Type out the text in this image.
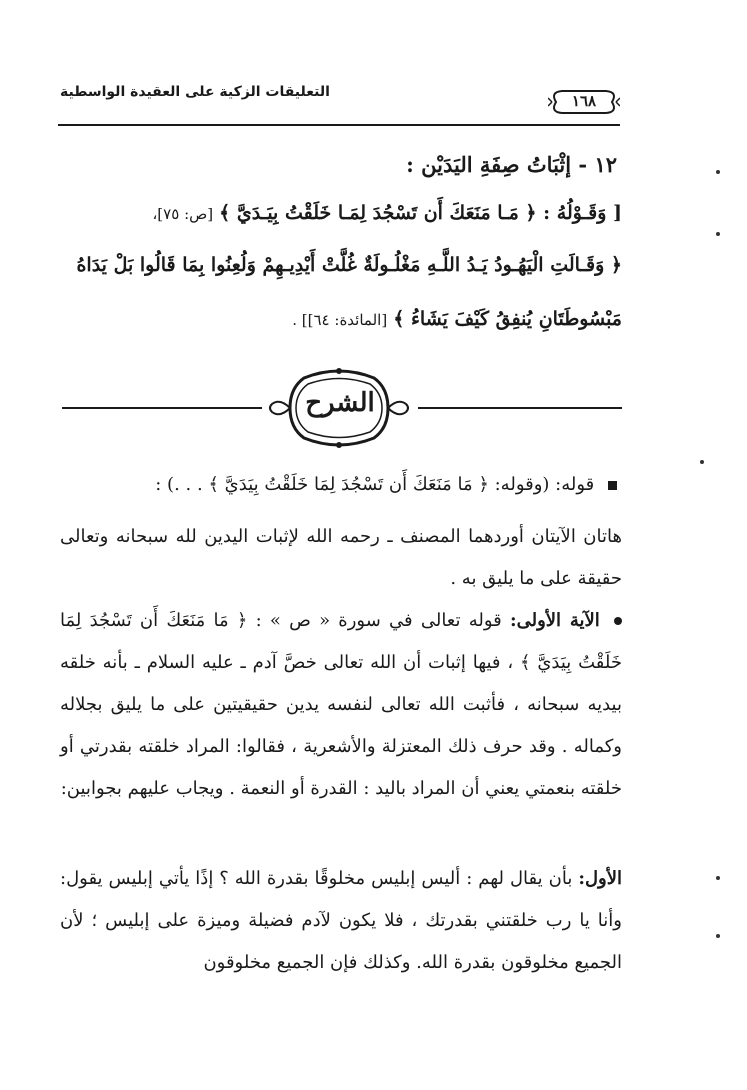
التعليقات الزكية على العقيدة الواسطية	١٦٨
١٢ - إثْبَاتُ صِفَةِ اليَدَيْن :
[ وَقَـوْلُهُ : ﴿ مَـا مَنَعَكَ أَن تَسْجُدَ لِمَـا خَلَقْتُ بِيَـدَيَّ ﴾ [ص: ٧٥]،
﴿ وَقَـالَتِ الْيَهُـودُ يَـدُ اللَّـهِ مَغْلُـولَةٌ غُلَّتْ أَيْدِيـهِمْ وَلُعِنُوا بِمَا قَالُوا بَلْ يَدَاهُ
مَبْسُوطَتَانِ يُنفِقُ كَيْفَ يَشَاءُ ﴾ [المائدة: ٦٤]] .
الشرح
قوله: (وقوله: ﴿ مَا مَنَعَكَ أَن تَسْجُدَ لِمَا خَلَقْتُ بِيَدَيَّ ﴾ . . .) :
هاتان الآيتان أوردهما المصنف ـ رحمه الله لإثبات اليدين لله سبحانه وتعالى حقيقة على ما يليق به .
الآية الأولى: قوله تعالى في سورة « ص » : ﴿ مَا مَنَعَكَ أَن تَسْجُدَ لِمَا خَلَقْتُ بِيَدَيَّ ﴾ ، فيها إثبات أن الله تعالى خصَّ آدم ـ عليه السلام ـ بأنه خلقه بيديه سبحانه ، فأثبت الله تعالى لنفسه يدين حقيقيتين على ما يليق بجلاله وكماله . وقد حرف ذلك المعتزلة والأشعرية ، فقالوا: المراد خلقته بقدرتي أو خلقته بنعمتي يعني أن المراد باليد : القدرة أو النعمة . ويجاب عليهم بجوابين:
الأول: بأن يقال لهم : أليس إبليس مخلوقًا بقدرة الله ؟ إذًا يأتي إبليس يقول: وأنا يا رب خلقتني بقدرتك ، فلا يكون لآدم فضيلة وميزة على إبليس ؛ لأن الجميع مخلوقون بقدرة الله. وكذلك فإن الجميع مخلوقون
